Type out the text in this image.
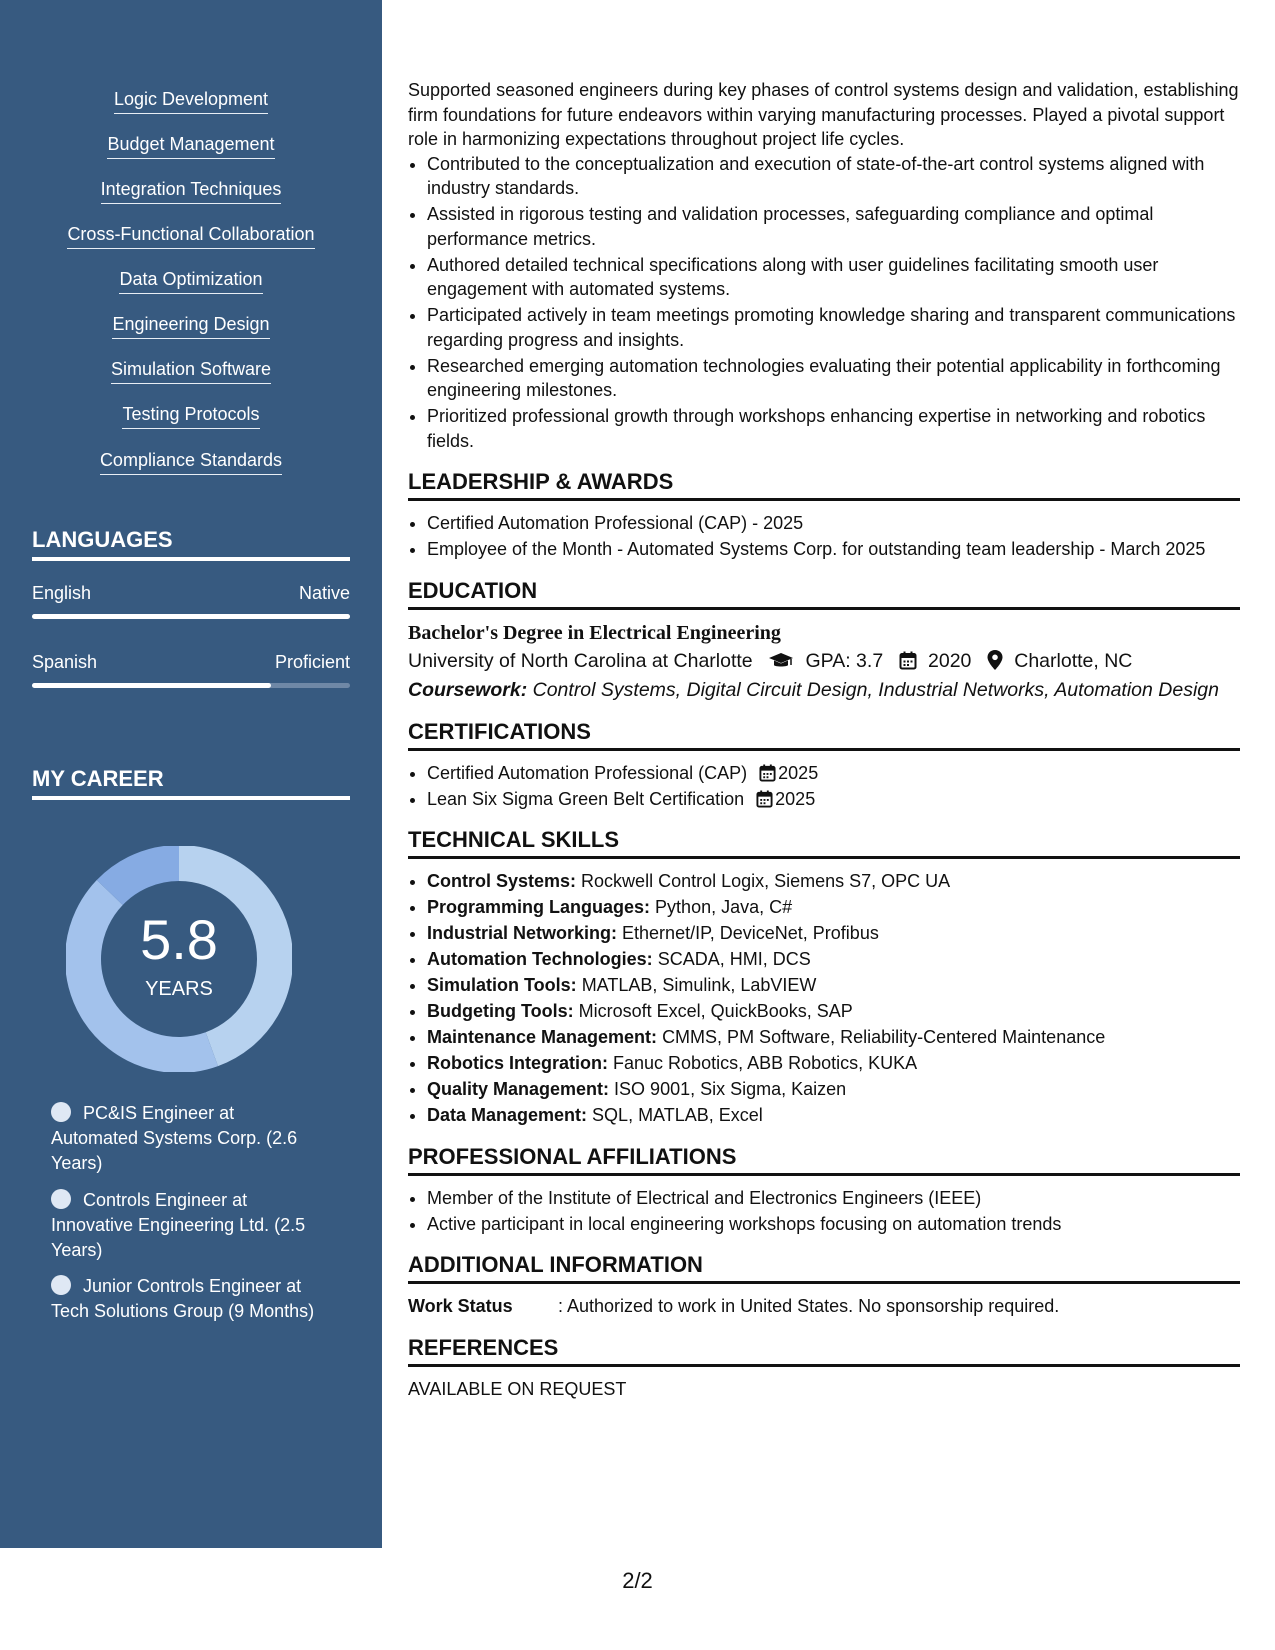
Logic Development
Budget Management
Integration Techniques
Cross-Functional Collaboration
Data Optimization
Engineering Design
Simulation Software
Testing Protocols
Compliance Standards
LANGUAGES
English	Native
Spanish	Proficient
MY CAREER
5.8
YEARS
PC&IS Engineer at Automated Systems Corp. (2.6 Years)
Controls Engineer at Innovative Engineering Ltd. (2.5 Years)
Junior Controls Engineer at Tech Solutions Group (9 Months)

Supported seasoned engineers during key phases of control systems design and validation, establishing firm foundations for future endeavors within varying manufacturing processes. Played a pivotal support role in harmonizing expectations throughout project life cycles.

• Contributed to the conceptualization and execution of state-of-the-art control systems aligned with industry standards.
• Assisted in rigorous testing and validation processes, safeguarding compliance and optimal performance metrics.
• Authored detailed technical specifications along with user guidelines facilitating smooth user engagement with automated systems.
• Participated actively in team meetings promoting knowledge sharing and transparent communications regarding progress and insights.
• Researched emerging automation technologies evaluating their potential applicability in forthcoming engineering milestones.
• Prioritized professional growth through workshops enhancing expertise in networking and robotics fields.
LEADERSHIP & AWARDS
• Certified Automation Professional (CAP) - 2025
• Employee of the Month - Automated Systems Corp. for outstanding team leadership - March 2025
EDUCATION
Bachelor's Degree in Electrical Engineering
University of North Carolina at Charlotte	GPA: 3.7 2020 Charlotte, NC
Coursework: Control Systems, Digital Circuit Design, Industrial Networks, Automation Design
CERTIFICATIONS
• Certified Automation Professional (CAP) 2025
• Lean Six Sigma Green Belt Certification 2025
TECHNICAL SKILLS
• Control Systems: Rockwell Control Logix, Siemens S7, OPC UA
• Programming Languages: Python, Java, C#
• Industrial Networking: Ethernet/IP, DeviceNet, Profibus
• Automation Technologies: SCADA, HMI, DCS
• Simulation Tools: MATLAB, Simulink, LabVIEW
• Budgeting Tools: Microsoft Excel, QuickBooks, SAP
• Maintenance Management: CMMS, PM Software, Reliability-Centered Maintenance
• Robotics Integration: Fanuc Robotics, ABB Robotics, KUKA
• Quality Management: ISO 9001, Six Sigma, Kaizen
• Data Management: SQL, MATLAB, Excel
PROFESSIONAL AFFILIATIONS
• Member of the Institute of Electrical and Electronics Engineers (IEEE)
• Active participant in local engineering workshops focusing on automation trends
ADDITIONAL INFORMATION
Work Status	: Authorized to work in United States. No sponsorship required.
REFERENCES
AVAILABLE ON REQUEST
2/2
